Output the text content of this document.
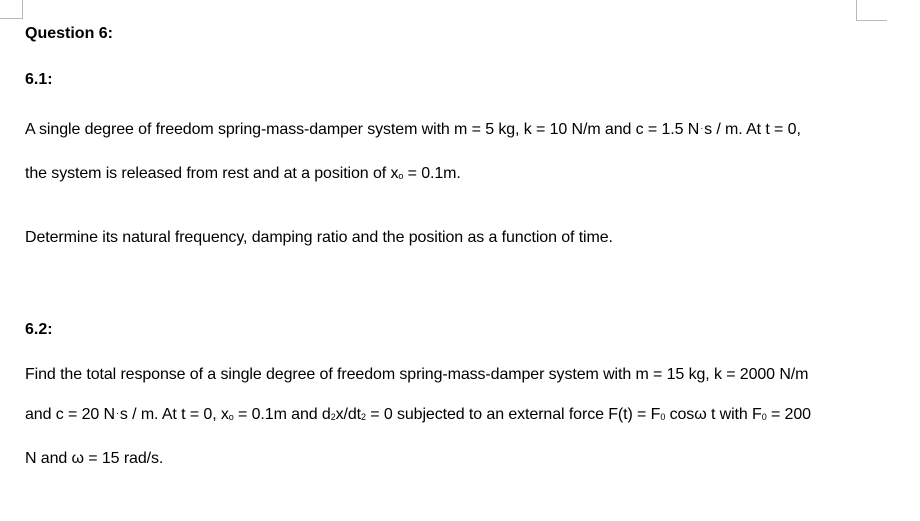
Question 6:
6.1:
A single degree of freedom spring-mass-damper system with m = 5 kg, k = 10 N/m and c = 1.5 N·s / m. At t = 0,
the system is released from rest and at a position of xo = 0.1m.
Determine its natural frequency, damping ratio and the position as a function of time.
6.2:
Find the total response of a single degree of freedom spring-mass-damper system with m = 15 kg, k = 2000 N/m
and c = 20 N·s / m. At t = 0, xo = 0.1m and d2x/dt2 = 0 subjected to an external force F(t) = F0 cosω t with F0 = 200
N and ω = 15 rad/s.
